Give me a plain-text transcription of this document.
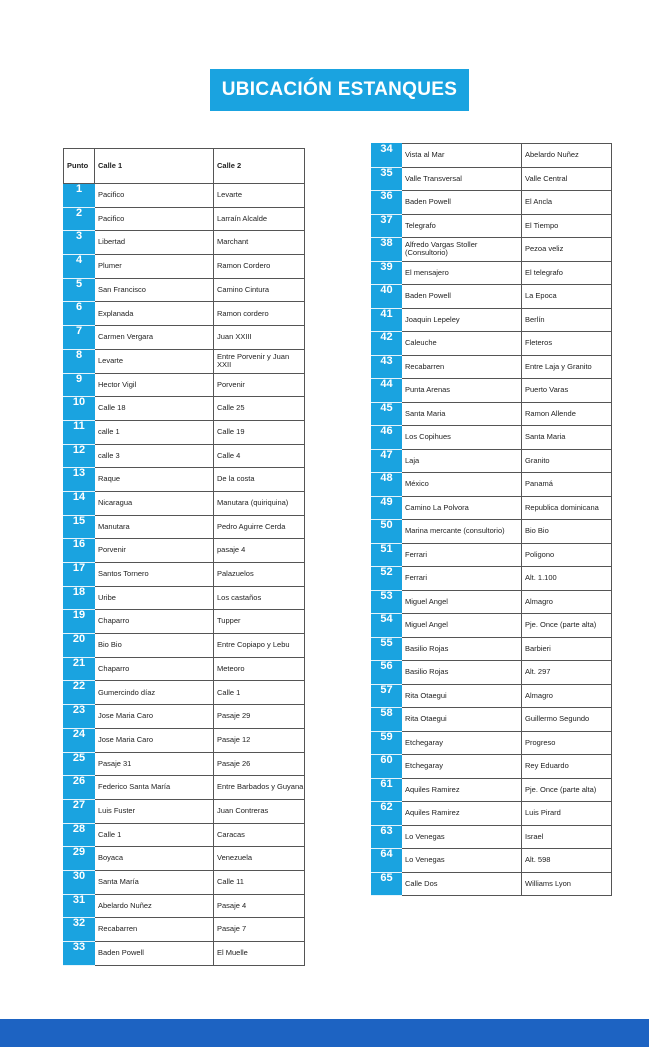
UBICACIÓN ESTANQUES
Punto	Calle 1	Calle 2
1	Pacifico	Levarte
2	Pacifico	Larraín Alcalde
3	Libertad	Marchant
4	Plumer	Ramon Cordero
5	San Francisco	Camino Cintura
6	Explanada	Ramon cordero
7	Carmen Vergara	Juan XXIII
8	Levarte	Entre Porvenir y Juan XXII
9	Hector Vigil	Porvenir
10	Calle 18	Calle 25
11	calle 1	Calle 19
12	calle 3	Calle 4
13	Raque	De la costa
14	Nicaragua	Manutara (quiriquina)
15	Manutara	Pedro Aguirre Cerda
16	Porvenir	pasaje 4
17	Santos Tornero	Palazuelos
18	Uribe	Los castaños
19	Chaparro	Tupper
20	Bio Bio	Entre Copiapo y Lebu
21	Chaparro	Meteoro
22	Gumercindo díaz	Calle 1
23	Jose Maria Caro	Pasaje 29
24	Jose Maria Caro	Pasaje 12
25	Pasaje 31	Pasaje 26
26	Federico Santa María	Entre Barbados y Guyana
27	Luis Fuster	Juan Contreras
28	Calle 1	Caracas
29	Boyaca	Venezuela
30	Santa María	Calle 11
31	Abelardo Nuñez	Pasaje 4
32	Recabarren	Pasaje 7
33	Baden Powell	El Muelle
34	Vista al Mar	Abelardo Nuñez
35	Valle Transversal	Valle Central
36	Baden Powell	El Ancla
37	Telegrafo	El Tiempo
38	Alfredo Vargas Stoller (Consultorio)	Pezoa veliz
39	El mensajero	El telegrafo
40	Baden Powell	La Epoca
41	Joaquin Lepeley	Berlín
42	Caleuche	Fleteros
43	Recabarren	Entre Laja y Granito
44	Punta Arenas	Puerto Varas
45	Santa Maria	Ramon Allende
46	Los Copihues	Santa Maria
47	Laja	Granito
48	México	Panamá
49	Camino La Polvora	Republica dominicana
50	Marina mercante (consultorio)	Bio Bio
51	Ferrari	Poligono
52	Ferrari	Alt. 1.100
53	Miguel Angel	Almagro
54	Miguel Angel	Pje. Once (parte alta)
55	Basilio Rojas	Barbieri
56	Basilio Rojas	Alt. 297
57	Rita Otaegui	Almagro
58	Rita Otaegui	Guillermo Segundo
59	Etchegaray	Progreso
60	Etchegaray	Rey Eduardo
61	Aquiles Ramirez	Pje. Once (parte alta)
62	Aquiles Ramirez	Luis Pirard
63	Lo Venegas	Israel
64	Lo Venegas	Alt. 598
65	Calle Dos	Williams Lyon
